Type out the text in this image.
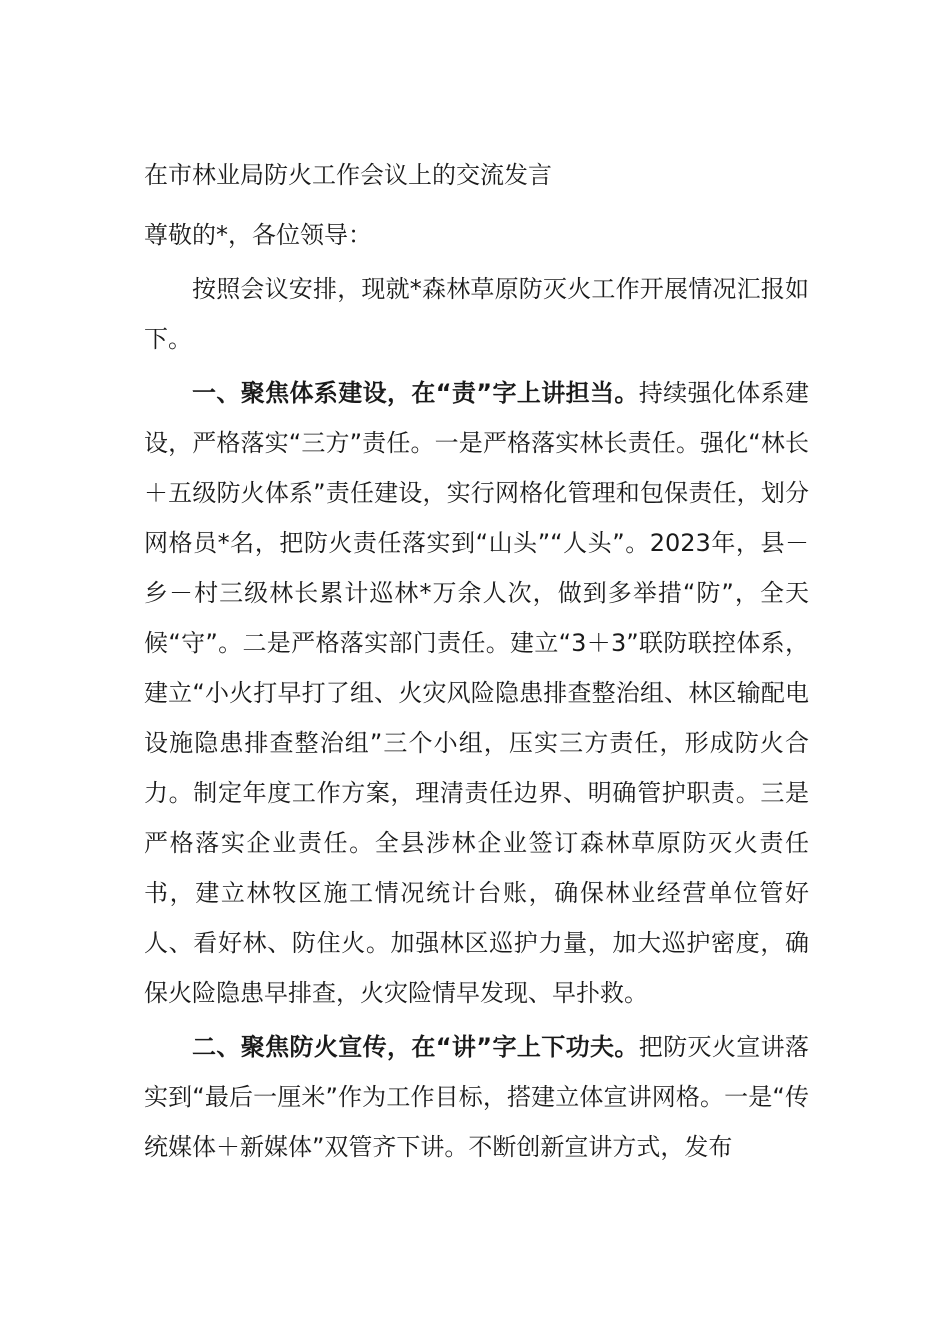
在市林业局防火工作会议上的交流发言
尊敬的*，各位领导：

按照会议安排，现就*森林草原防灭火工作开展情况汇报如下。

一、聚焦体系建设，在“责”字上讲担当。持续强化体系建设，严格落实“三方”责任。一是严格落实林长责任。强化“林长＋五级防火体系”责任建设，实行网格化管理和包保责任，划分网格员*名，把防火责任落实到“山头”“人头”。2023年，县－乡－村三级林长累计巡林*万余人次，做到多举措“防”，全天候“守”。二是严格落实部门责任。建立“3＋3”联防联控体系，建立“小火打早打了组、火灾风险隐患排查整治组、林区输配电设施隐患排查整治组”三个小组，压实三方责任，形成防火合力。制定年度工作方案，理清责任边界、明确管护职责。三是严格落实企业责任。全县涉林企业签订森林草原防灭火责任书，建立林牧区施工情况统计台账，确保林业经营单位管好人、看好林、防住火。加强林区巡护力量，加大巡护密度，确保火险隐患早排查，火灾险情早发现、早扑救。

二、聚焦防火宣传，在“讲”字上下功夫。把防灭火宣讲落实到“最后一厘米”作为工作目标，搭建立体宣讲网格。一是“传统媒体＋新媒体”双管齐下讲。不断创新宣讲方式，发布
